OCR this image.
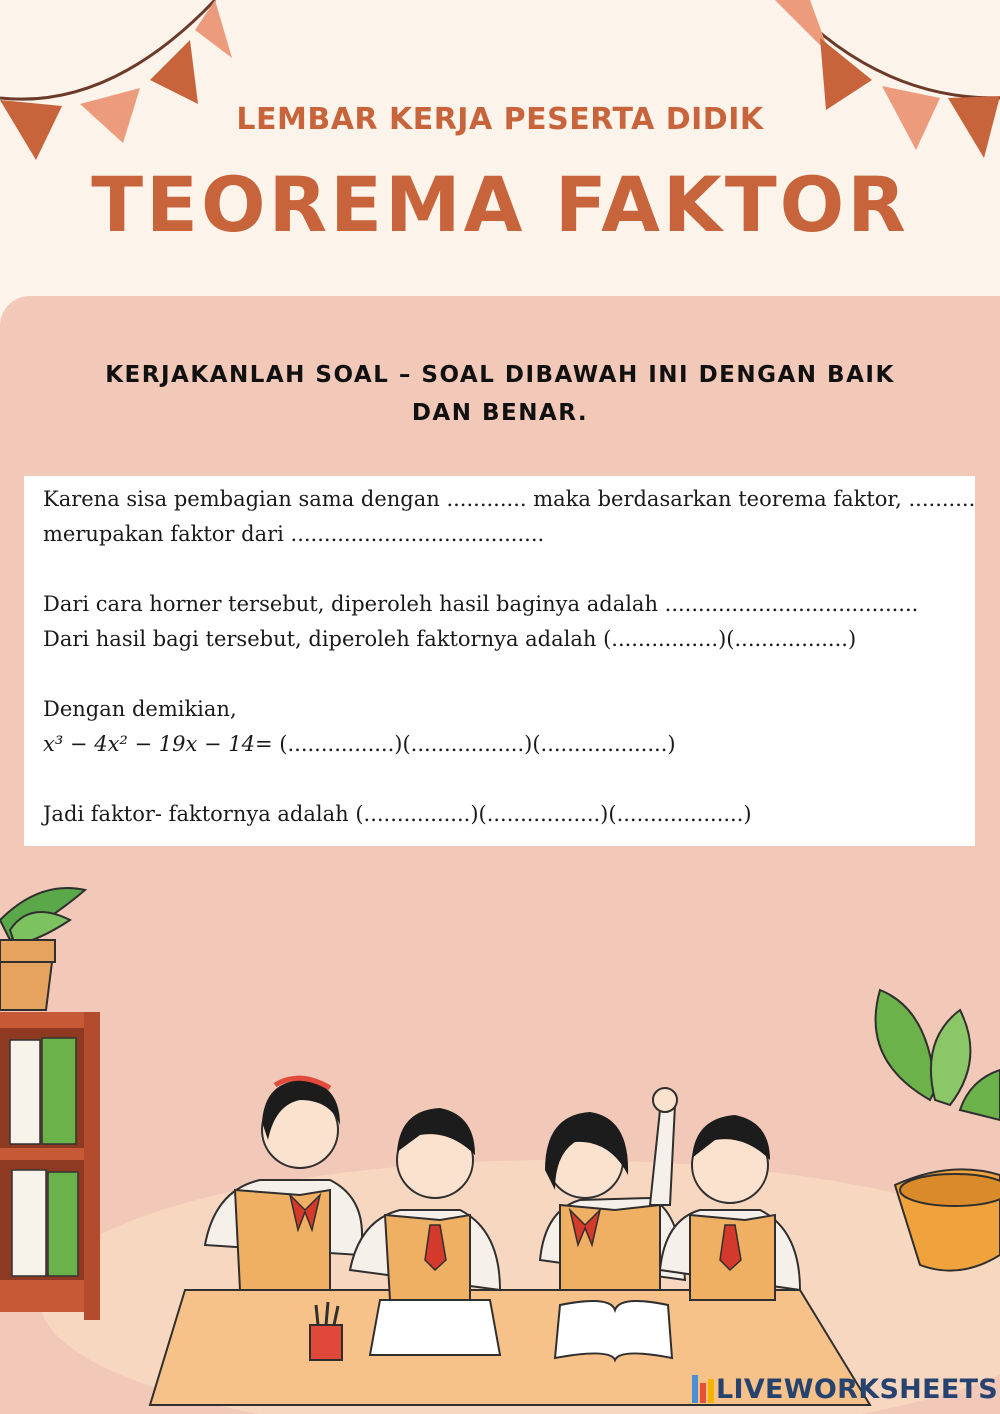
LEMBAR KERJA PESERTA DIDIK
TEOREMA FAKTOR
KERJAKANLAH SOAL – SOAL DIBAWAH INI DENGAN BAIK
DAN BENAR.

Karena sisa pembagian sama dengan ............ maka berdasarkan teorema faktor, ..........

merupakan faktor dari ......................................

Dari cara horner tersebut, diperoleh hasil baginya adalah ......................................

Dari hasil bagi tersebut, diperoleh faktornya adalah (................)(.................)

Dengan demikian,

x³ − 4x² − 19x − 14= (................)(.................)(...................)

Jadi faktor- faktornya adalah (................)(.................)(...................)

LIVEWORKSHEETS
